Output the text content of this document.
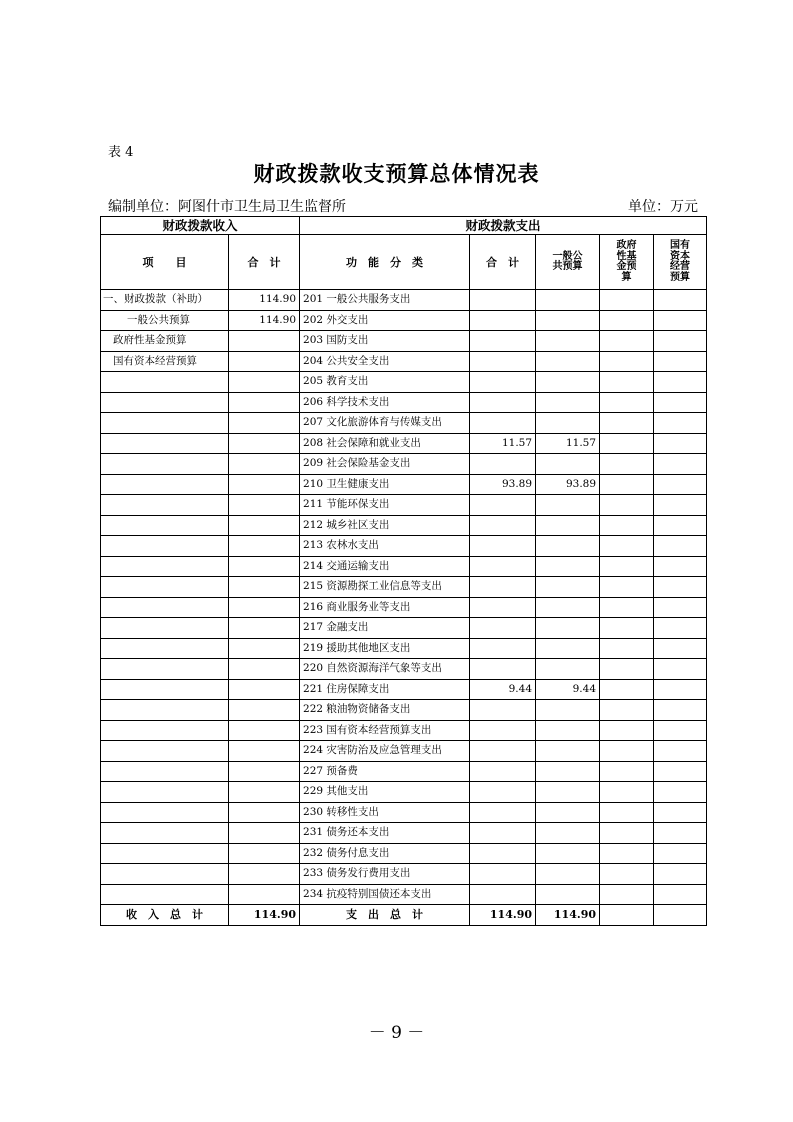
表 4
财政拨款收支预算总体情况表
编制单位：阿图什市卫生局卫生监督所	单位：万元
财政拨款收入		财政拨款支出				
项　　目	合　计	功　能　分　类	合　计	一般公共预算	政府性基金预算	国有资本经营预算
一、财政拨款（补助）	114.90	201 一般公共服务支出				
一般公共预算	114.90	202 外交支出				
政府性基金预算		203 国防支出				
国有资本经营预算		204 公共安全支出				
		205 教育支出				
		206 科学技术支出				
		207 文化旅游体育与传媒支出				
		208 社会保障和就业支出	11.57	11.57		
		209 社会保险基金支出				
		210 卫生健康支出	93.89	93.89		
		211 节能环保支出				
		212 城乡社区支出				
		213 农林水支出				
		214 交通运输支出				
		215 资源勘探工业信息等支出				
		216 商业服务业等支出				
		217 金融支出				
		219 援助其他地区支出				
		220 自然资源海洋气象等支出				
		221 住房保障支出	9.44	9.44		
		222 粮油物资储备支出				
		223 国有资本经营预算支出				
		224 灾害防治及应急管理支出				
		227 预备费				
		229 其他支出				
		230 转移性支出				
		231 债务还本支出				
		232 债务付息支出				
		233 债务发行费用支出				
		234 抗疫特别国债还本支出				
收　入　总　计	114.90	支　出　总　计	114.90	114.90		
－ 9 －
